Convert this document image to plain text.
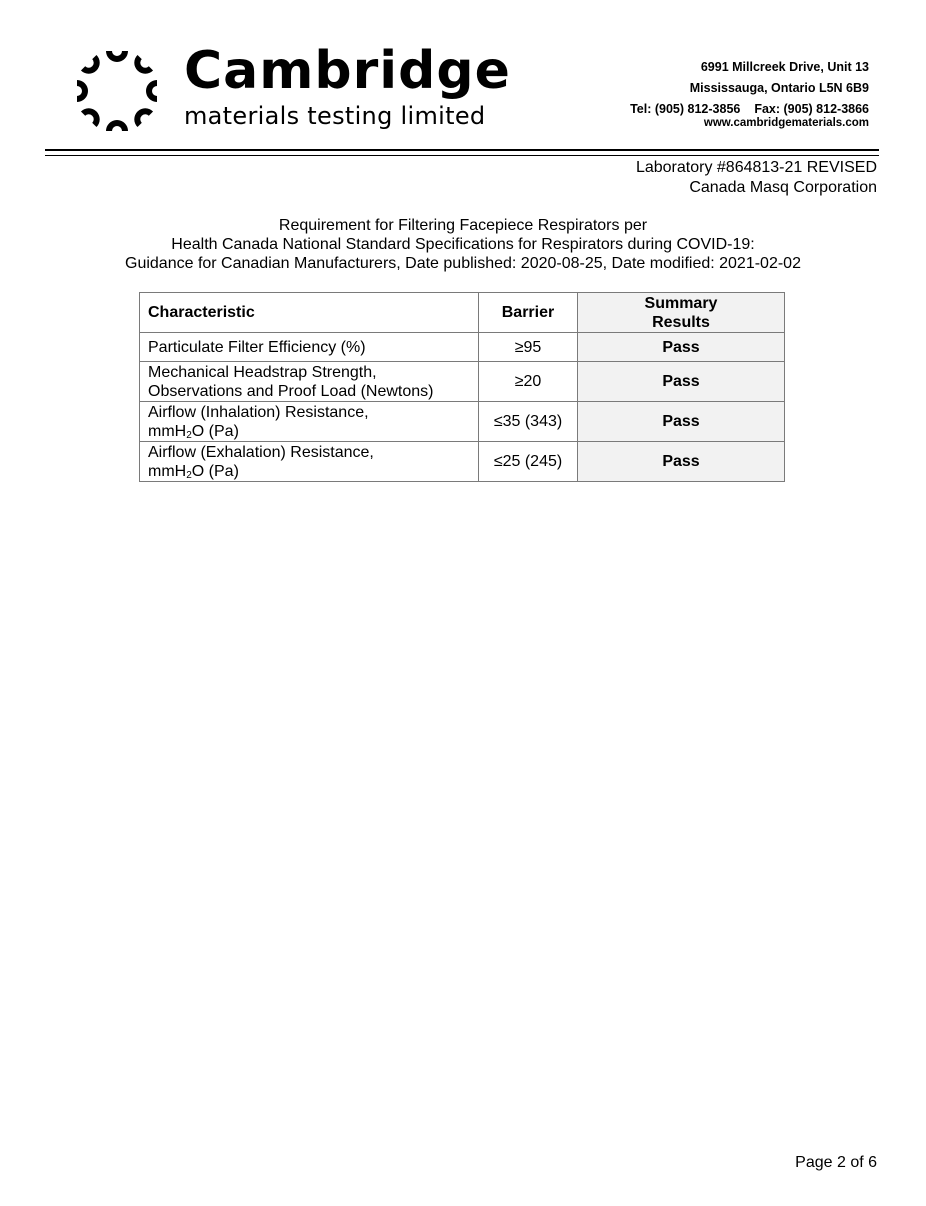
Cambridge
materials testing limited
6991 Millcreek Drive, Unit 13
Mississauga, Ontario L5N 6B9
Tel: (905) 812-3856 Fax: (905) 812-3866
www.cambridgematerials.com
Laboratory #864813-21 REVISED
Canada Masq Corporation
Requirement for Filtering Facepiece Respirators per
Health Canada National Standard Specifications for Respirators during COVID-19:
Guidance for Canadian Manufacturers, Date published: 2020-08-25, Date modified: 2021-02-02
Characteristic	Barrier	Summary
Results
Particulate Filter Efficiency (%)	≥95	Pass
Mechanical Headstrap Strength,
Observations and Proof Load (Newtons)	≥20	Pass
Airflow (Inhalation) Resistance,
mmH$_2$O (Pa)	≤35 (343)	Pass
Airflow (Exhalation) Resistance,
mmH$_2$O (Pa)	≤25 (245)	Pass
Page 2 of 6
